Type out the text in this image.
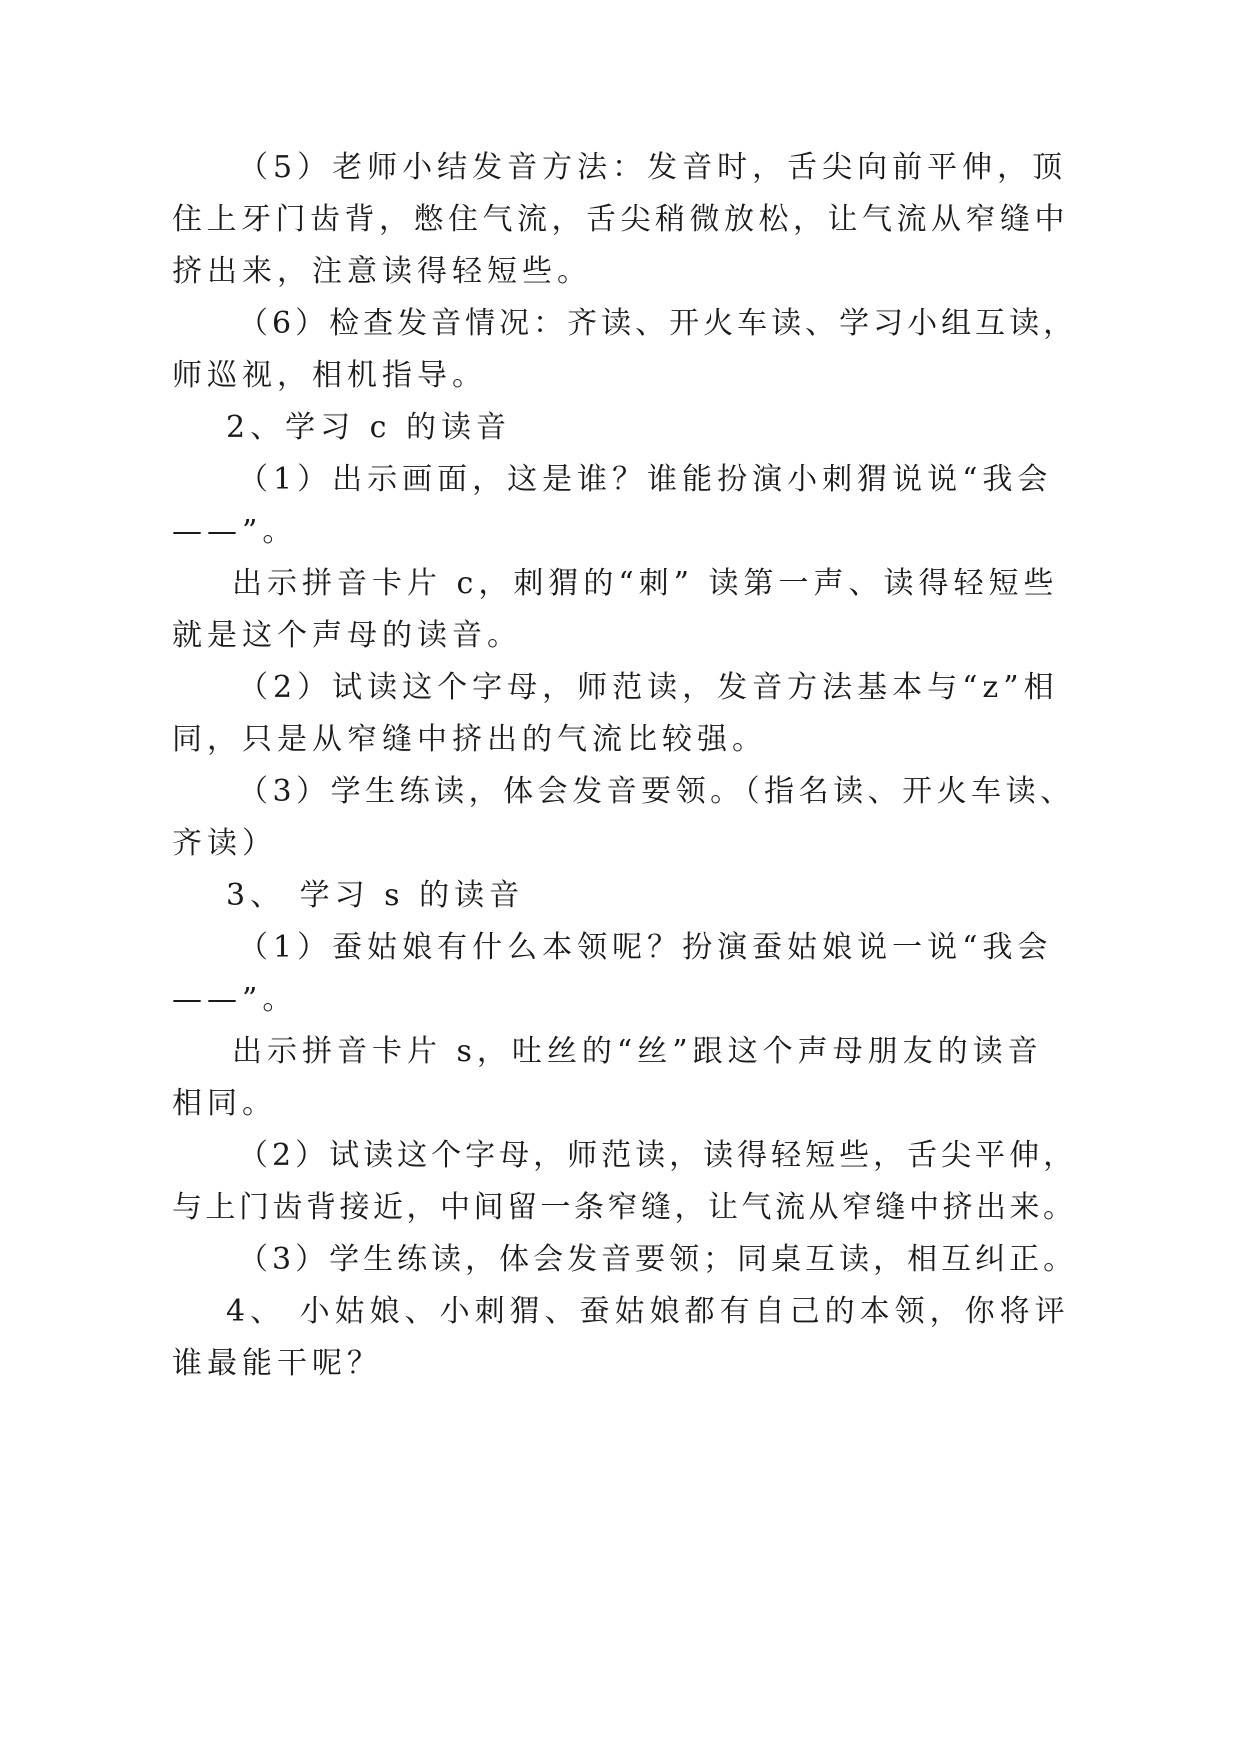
（5）老师小结发音方法：发音时，舌尖向前平伸，顶
住上牙门齿背，憋住气流，舌尖稍微放松，让气流从窄缝中
挤出来，注意读得轻短些。
（6）检查发音情况：齐读、开火车读、学习小组互读，
师巡视，相机指导。
2、学习 c 的读音
（1）出示画面，这是谁？谁能扮演小刺猬说说“我会
——”。
出示拼音卡片 c，刺猬的“刺” 读第一声、读得轻短些
就是这个声母的读音。
（2）试读这个字母，师范读，发音方法基本与“z”相
同，只是从窄缝中挤出的气流比较强。
（3）学生练读，体会发音要领。（指名读、开火车读、
齐读）
3、 学习 s 的读音
（1）蚕姑娘有什么本领呢？扮演蚕姑娘说一说“我会
——”。
出示拼音卡片 s，吐丝的“丝”跟这个声母朋友的读音
相同。
（2）试读这个字母，师范读，读得轻短些，舌尖平伸，
与上门齿背接近，中间留一条窄缝，让气流从窄缝中挤出来。
（3）学生练读，体会发音要领；同桌互读，相互纠正。
4、 小姑娘、小刺猬、蚕姑娘都有自己的本领，你将评
谁最能干呢？
